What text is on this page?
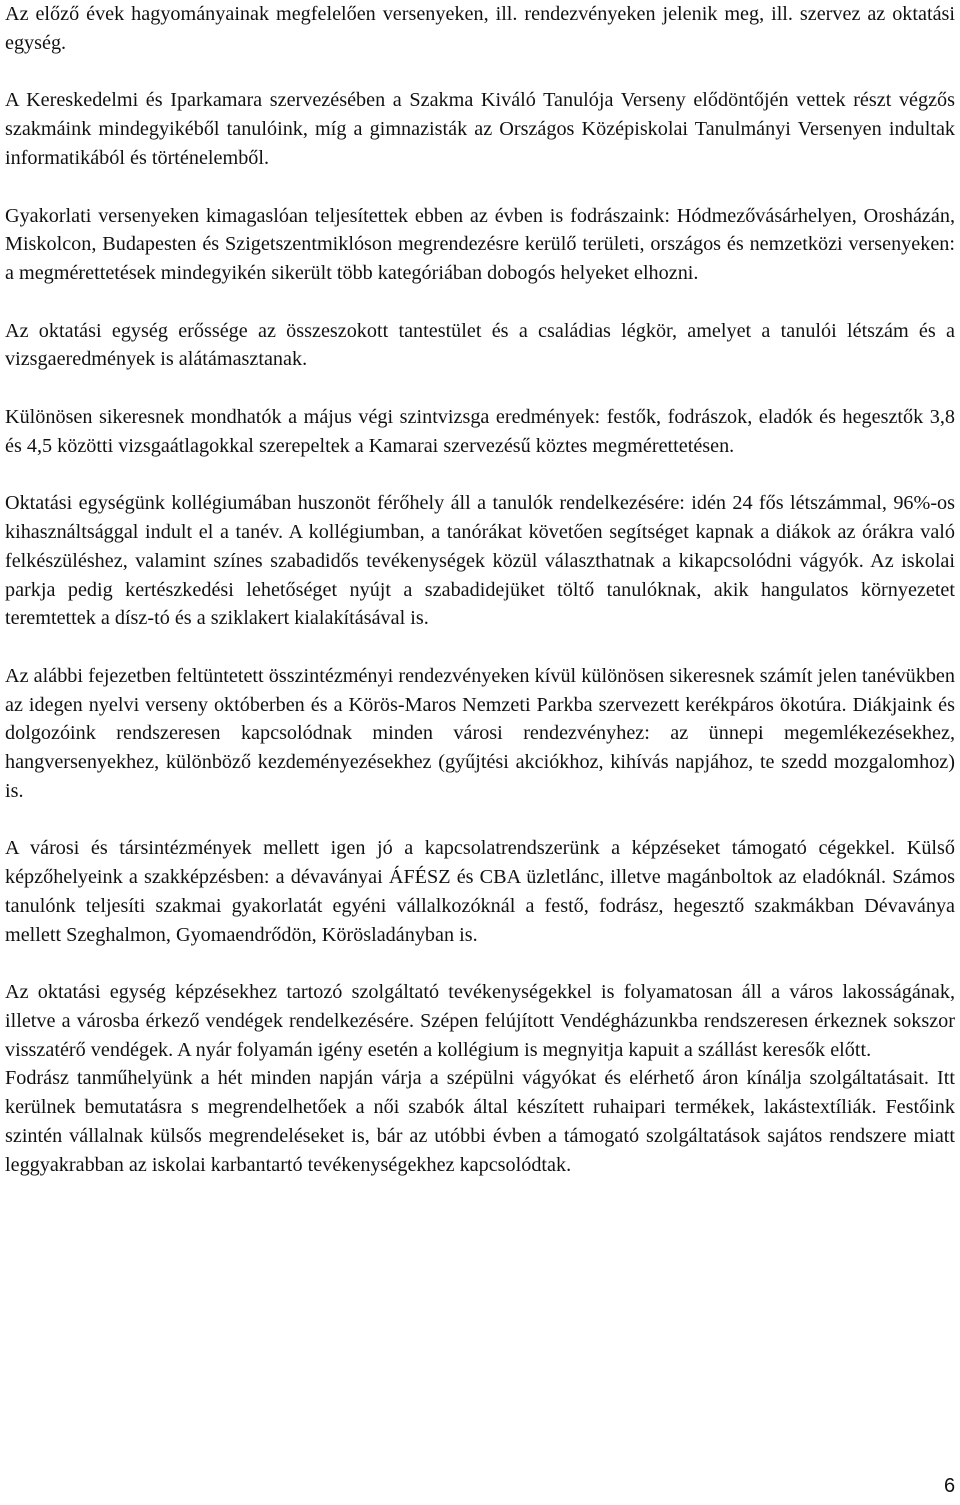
Az előző évek hagyományainak megfelelően versenyeken, ill. rendezvényeken jelenik meg, ill. szervez az oktatási egység.

A Kereskedelmi és Iparkamara szervezésében a Szakma Kiváló Tanulója Verseny elődöntőjén vettek részt végzős szakmáink mindegyikéből tanulóink, míg a gimnazisták az Országos Középiskolai Tanulmányi Versenyen indultak informatikából és történelemből.

Gyakorlati versenyeken kimagaslóan teljesítettek ebben az évben is fodrászaink: Hódmezővásárhelyen, Orosházán, Miskolcon, Budapesten és Szigetszentmiklóson megrendezésre kerülő területi, országos és nemzetközi versenyeken: a megmérettetések mindegyikén sikerült több kategóriában dobogós helyeket elhozni.

Az oktatási egység erőssége az összeszokott tantestület és a családias légkör, amelyet a tanulói létszám és a vizsgaeredmények is alátámasztanak.

Különösen sikeresnek mondhatók a május végi szintvizsga eredmények: festők, fodrászok, eladók és hegesztők 3,8 és 4,5 közötti vizsgaátlagokkal szerepeltek a Kamarai szervezésű köztes megmérettetésen.

Oktatási egységünk kollégiumában huszonöt férőhely áll a tanulók rendelkezésére: idén 24 fős létszámmal, 96%-os kihasználtsággal indult el a tanév. A kollégiumban, a tanórákat követően segítséget kapnak a diákok az órákra való felkészüléshez, valamint színes szabadidős tevékenységek közül választhatnak a kikapcsolódni vágyók. Az iskolai parkja pedig kertészkedési lehetőséget nyújt a szabadidejüket töltő tanulóknak, akik hangulatos környezetet teremtettek a dísz-tó és a sziklakert kialakításával is.

Az alábbi fejezetben feltüntetett összintézményi rendezvényeken kívül különösen sikeresnek számít jelen tanévükben az idegen nyelvi verseny októberben és a Körös-Maros Nemzeti Parkba szervezett kerékpáros ökotúra. Diákjaink és dolgozóink rendszeresen kapcsolódnak minden városi rendezvényhez: az ünnepi megemlékezésekhez, hangversenyekhez, különböző kezdeményezésekhez (gyűjtési akciókhoz, kihívás napjához, te szedd mozgalomhoz) is.

A városi és társintézmények mellett igen jó a kapcsolatrendszerünk a képzéseket támogató cégekkel. Külső képzőhelyeink a szakképzésben: a dévaványai ÁFÉSZ és CBA üzletlánc, illetve magánboltok az eladóknál. Számos tanulónk teljesíti szakmai gyakorlatát egyéni vállalkozóknál a festő, fodrász, hegesztő szakmákban Dévaványa mellett Szeghalmon, Gyomaendrődön, Körösladányban is.

Az oktatási egység képzésekhez tartozó szolgáltató tevékenységekkel is folyamatosan áll a város lakosságának, illetve a városba érkező vendégek rendelkezésére. Szépen felújított Vendégházunkba rendszeresen érkeznek sokszor visszatérő vendégek. A nyár folyamán igény esetén a kollégium is megnyitja kapuit a szállást keresők előtt.

Fodrász tanműhelyünk a hét minden napján várja a szépülni vágyókat és elérhető áron kínálja szolgáltatásait. Itt kerülnek bemutatásra s megrendelhetőek a női szabók által készített ruhaipari termékek, lakástextíliák. Festőink szintén vállalnak külsős megrendeléseket is, bár az utóbbi évben a támogató szolgáltatások sajátos rendszere miatt leggyakrabban az iskolai karbantartó tevékenységekhez kapcsolódtak.

6
